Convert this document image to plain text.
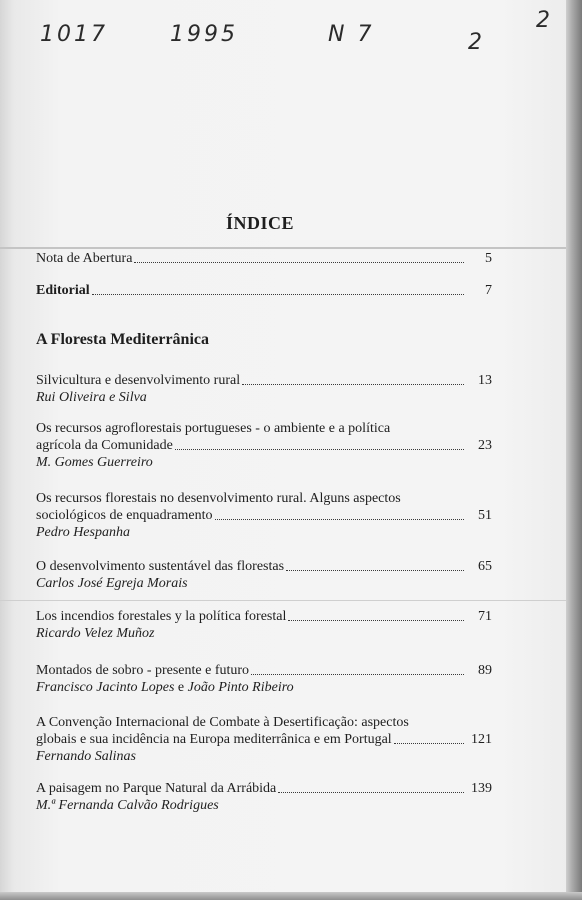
1017	1995	N 7	2
2
ÍNDICE
Nota de Abertura	5
Editorial	7
A Floresta Mediterrânica
Silvicultura e desenvolvimento rural	13
Rui Oliveira e Silva
Os recursos agroflorestais portugueses - o ambiente e a política
agrícola da Comunidade	23
M. Gomes Guerreiro
Os recursos florestais no desenvolvimento rural. Alguns aspectos
sociológicos de enquadramento	51
Pedro Hespanha
O desenvolvimento sustentável das florestas	65
Carlos José Egreja Morais
Los incendios forestales y la política forestal	71
Ricardo Velez Muñoz
Montados de sobro - presente e futuro	89
Francisco Jacinto Lopes e João Pinto Ribeiro
A Convenção Internacional de Combate à Desertificação: aspectos
globais e sua incidência na Europa mediterrânica e em Portugal	121
Fernando Salinas
A paisagem no Parque Natural da Arrábida	139
M.ª Fernanda Calvão Rodrigues
